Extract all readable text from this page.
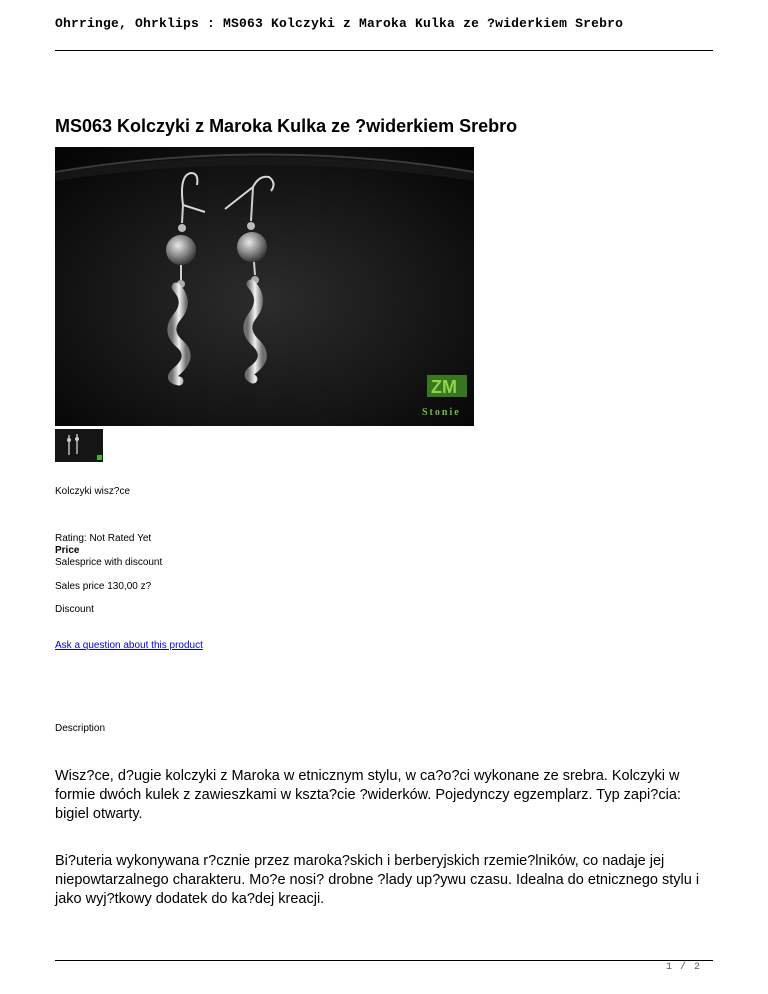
Ohrringe, Ohrklips : MS063 Kolczyki z Maroka Kulka ze ?widerkiem Srebro
MS063 Kolczyki z Maroka Kulka ze ?widerkiem Srebro
ZM
Stonie
Kolczyki wisz?ce
Rating: Not Rated Yet
Price
Salesprice with discount
Sales price 130,00 z?
Discount
Ask a question about this product
Description

Wisz?ce, d?ugie kolczyki z Maroka w etnicznym stylu, w ca?o?ci wykonane ze srebra. Kolczyki w formie dwóch kulek z zawieszkami w kszta?cie ?widerków. Pojedynczy egzemplarz. Typ zapi?cia: bigiel otwarty.

Bi?uteria wykonywana r?cznie przez maroka?skich i berberyjskich rzemie?lników, co nadaje jej niepowtarzalnego charakteru. Mo?e nosi? drobne ?lady up?ywu czasu. Idealna do etnicznego stylu i jako wyj?tkowy dodatek do ka?dej kreacji.

1 / 2
